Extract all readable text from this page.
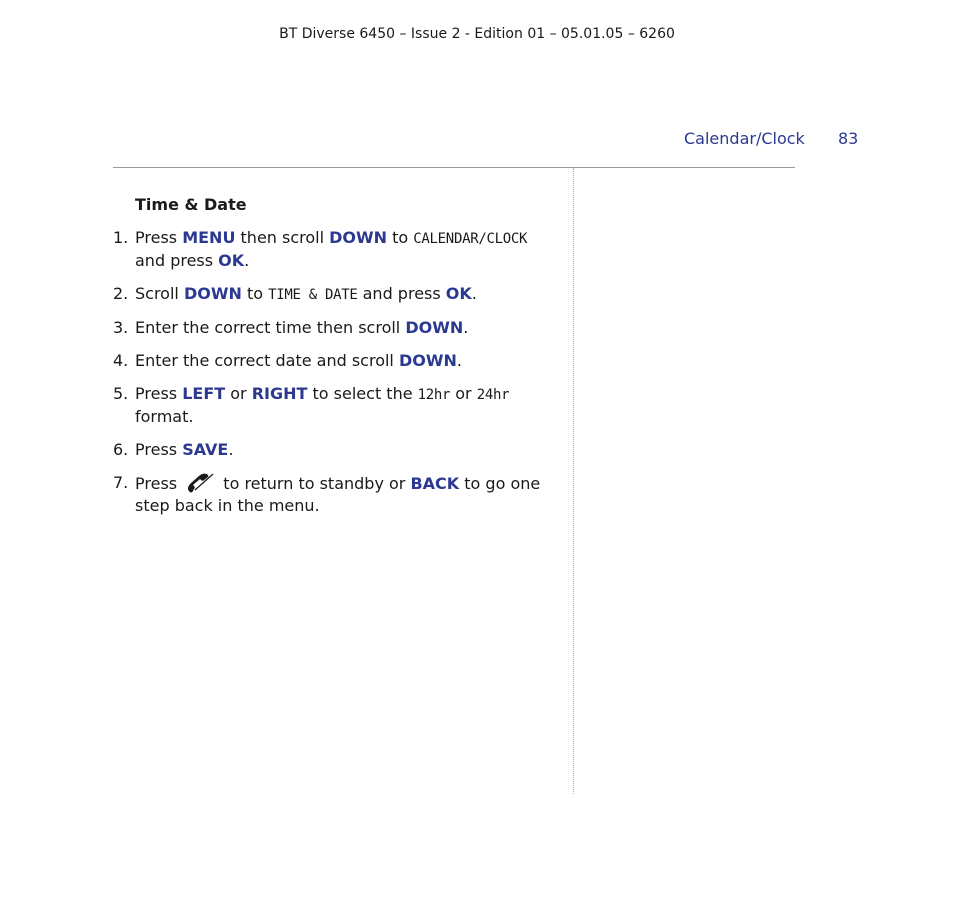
BT Diverse 6450 – Issue 2 - Edition 01 – 05.01.05 – 6260
Calendar/Clock 83
Time & Date
1. Press MENU then scroll DOWN to CALENDAR/CLOCK and press OK.
2. Scroll DOWN to TIME & DATE and press OK.
3. Enter the correct time then scroll DOWN.
4. Enter the correct date and scroll DOWN.
5. Press LEFT or RIGHT to select the 12hr or 24hr format.
6. Press SAVE.
7. Press  to return to standby or BACK to go one step back in the menu.
